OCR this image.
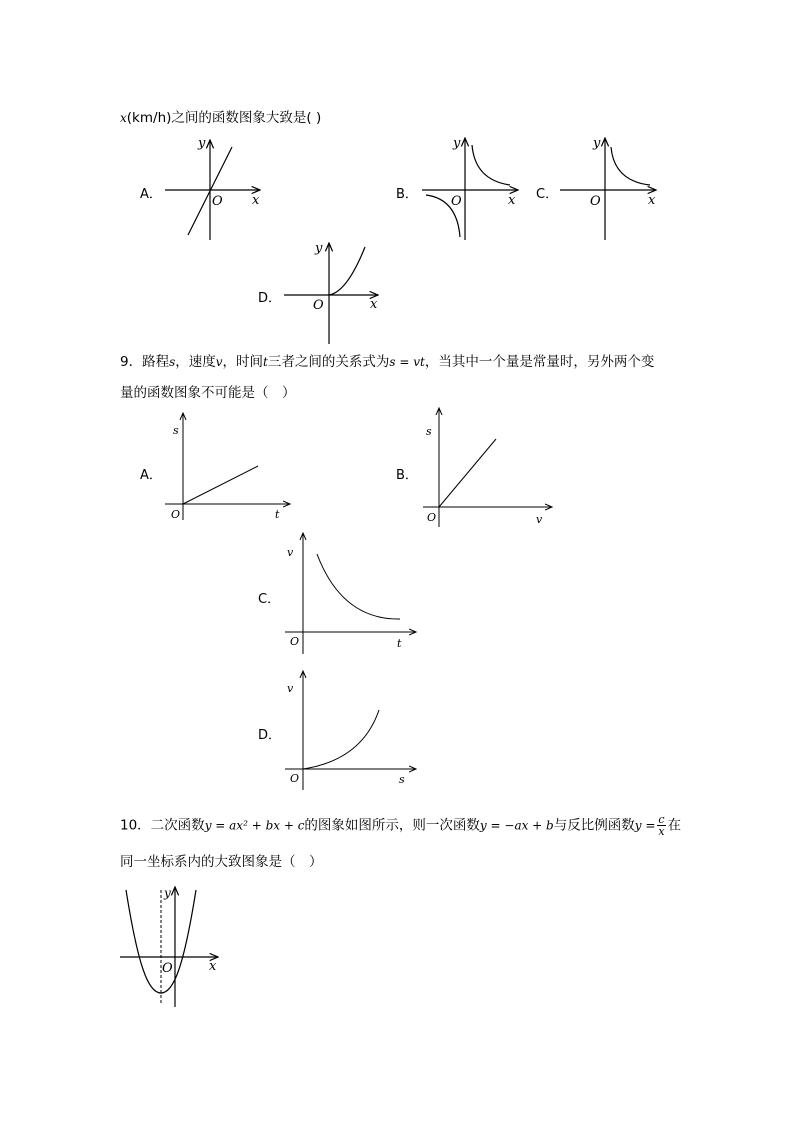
x(km/h)之间的函数图象大致是( )
A．
y
x
O	B．
y
x
O	C．
y
x
O
D．
y
x
O
9．路程s，速度v，时间t三者之间的关系式为s = vt，当其中一个量是常量时，另外两个变
量的函数图象不可能是（　）
A．
s
t
O
B．
s
v
O
C．
v
t
O
D．
v
s
O
10．二次函数y = ax² + bx + c的图象如图所示，则一次函数y = −ax + b与反比例函数$y = \frac{c}{x}$ 在
同一坐标系内的大致图象是（　）
y
x
O
